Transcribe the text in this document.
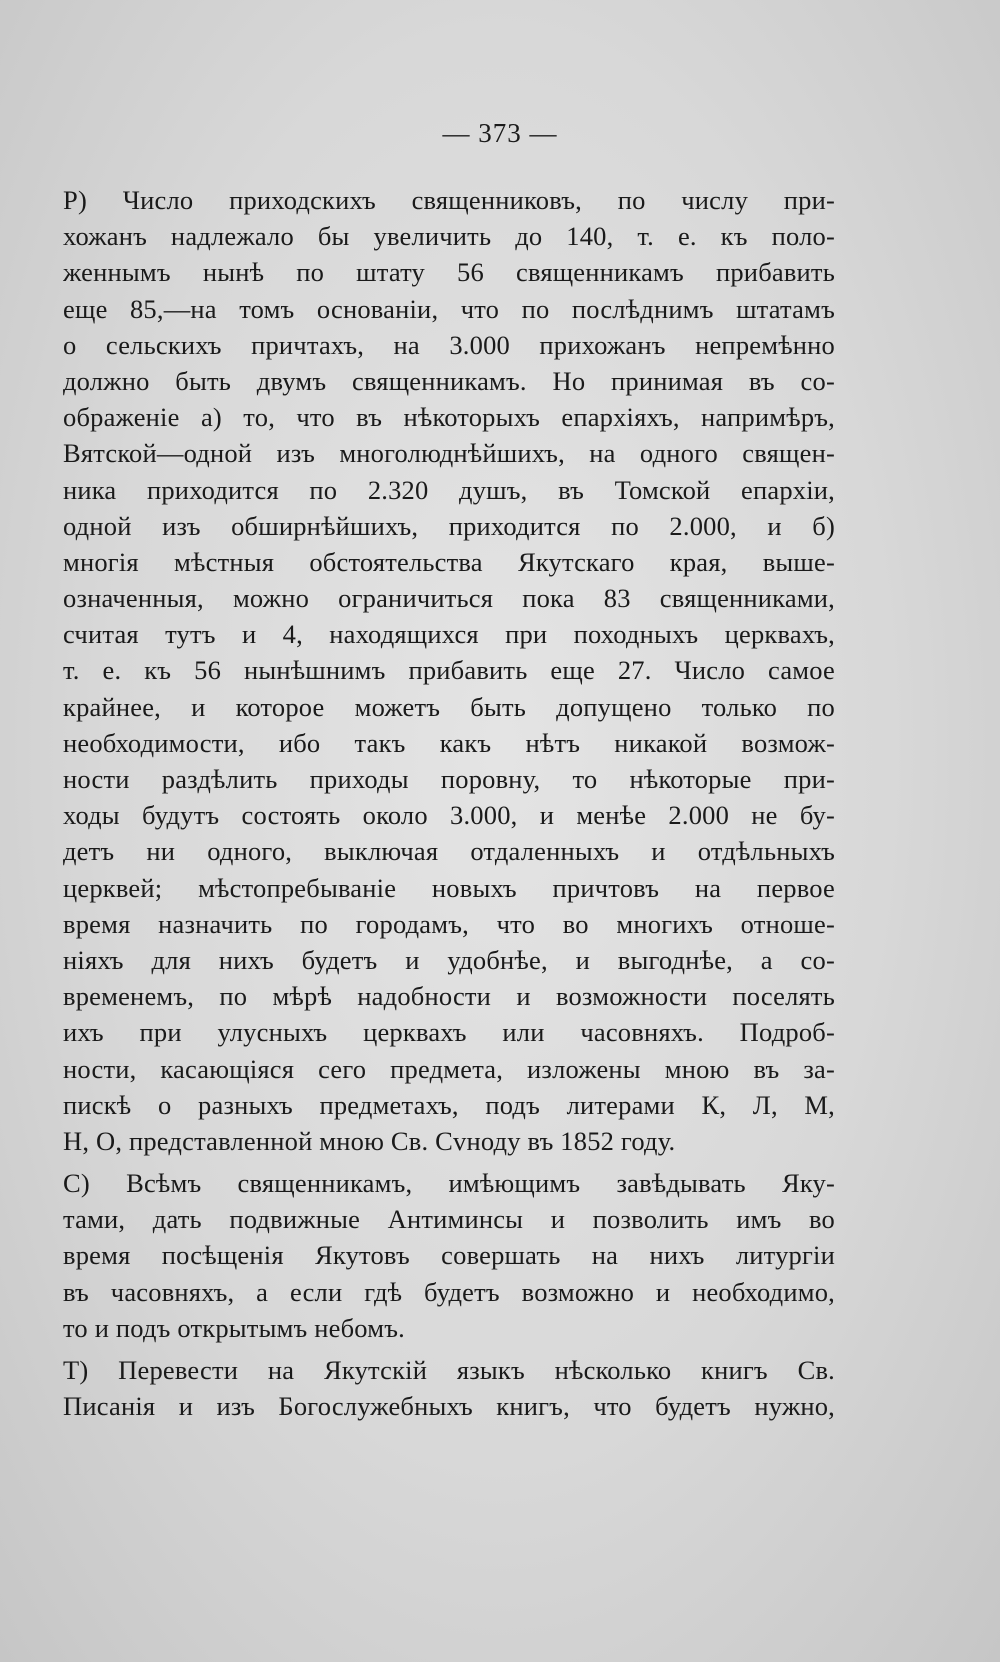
— 373 —
Р) Число приходскихъ священниковъ, по числу при-
хожанъ надлежало бы увеличить до 140, т. е. къ поло-
женнымъ нынѣ по штату 56 священникамъ прибавить
еще 85,—на томъ основаніи, что по послѣднимъ штатамъ
о сельскихъ причтахъ, на 3.000 прихожанъ непремѣнно
должно быть двумъ священникамъ. Но принимая въ со-
ображеніе а) то, что въ нѣкоторыхъ епархіяхъ, напримѣръ,
Вятской—одной изъ многолюднѣйшихъ, на одного священ-
ника приходится по 2.320 душъ, въ Томской епархіи,
одной изъ обширнѣйшихъ, приходится по 2.000, и б)
многія мѣстныя обстоятельства Якутскаго края, выше-
означенныя, можно ограничиться пока 83 священниками,
считая тутъ и 4, находящихся при походныхъ церквахъ,
т. е. къ 56 нынѣшнимъ прибавить еще 27. Число самое
крайнее, и которое можетъ быть допущено только по
необходимости, ибо такъ какъ нѣтъ никакой возмож-
ности раздѣлить приходы поровну, то нѣкоторые при-
ходы будутъ состоять около 3.000, и менѣе 2.000 не бу-
детъ ни одного, выключая отдаленныхъ и отдѣльныхъ
церквей; мѣстопребываніе новыхъ причтовъ на первое
время назначить по городамъ, что во многихъ отноше-
ніяхъ для нихъ будетъ и удобнѣе, и выгоднѣе, а со-
временемъ, по мѣрѣ надобности и возможности поселять
ихъ при улусныхъ церквахъ или часовняхъ. Подроб-
ности, касающіяся сего предмета, изложены мною въ за-
пискѣ о разныхъ предметахъ, подъ литерами К, Л, М,
Н, О, представленной мною Св. Сvноду въ 1852 году.
С) Всѣмъ священникамъ, имѣющимъ завѣдывать Яку-
тами, дать подвижные Антиминсы и позволить имъ во
время посѣщенія Якутовъ совершать на нихъ литургіи
въ часовняхъ, а если гдѣ будетъ возможно и необходимо,
то и подъ открытымъ небомъ.
Т) Перевести на Якутскій языкъ нѣсколько книгъ Св.
Писанія и изъ Богослужебныхъ книгъ, что будетъ нужно,
